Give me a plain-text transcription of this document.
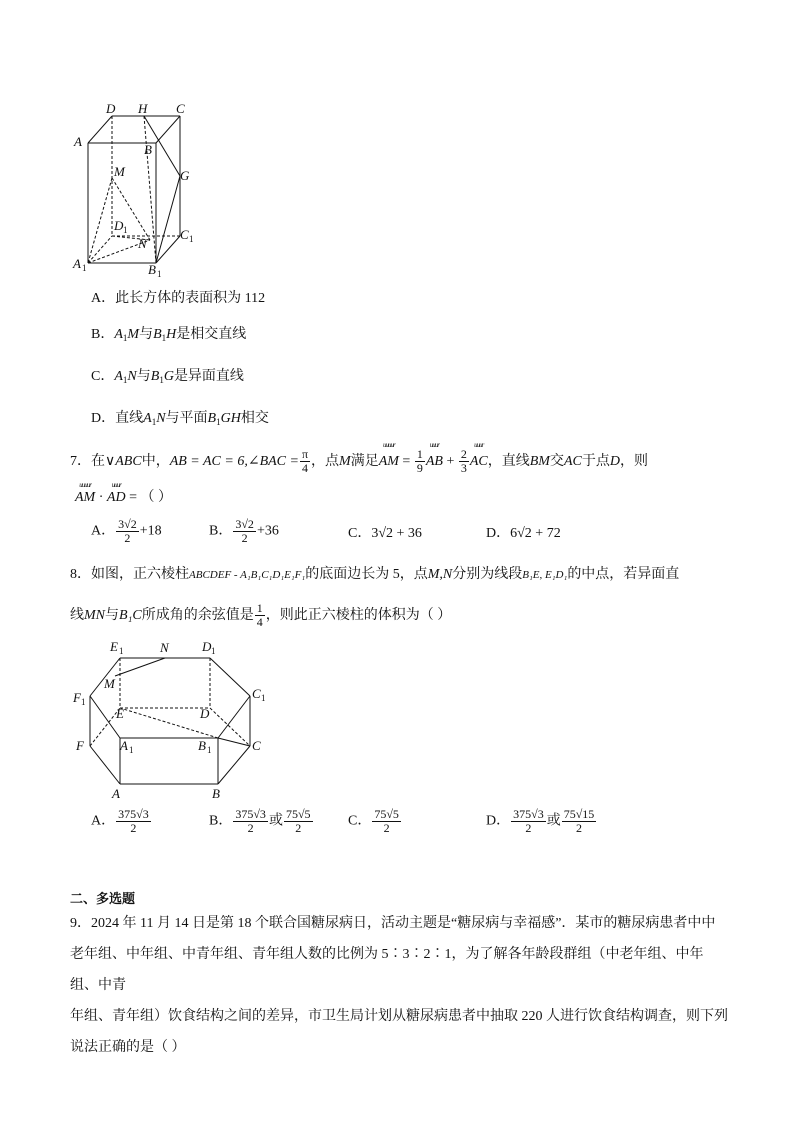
D H C
A
B
M	G
D 1	C 1
N
A 1	B 1
A．此长方体的表面积为 112
B．$A_1M$与$B_1H$是相交直线
C．$A_1N$与$B_1G$是异面直线
D．直线$A_1N$与平面$B_1GH$相交
7．在∨ABC中，AB = AC = 6,∠BAC = $\frac{\pi}{4}$ ，点M满足
uuuur
AM = $\frac{1}{9}$
uuur
AB + $\frac{2}{3}$
uuur
AC，直线BM交AC于点D，则
uuuur
AM ·
uuur
AD = （ ）
A． $\frac{3√2}{2} +18$	B． $\frac{3√2}{2} +36$	C．3√2 + 36	D．6√2 + 72
8．如图，正六棱柱ABCDEF - A₁B₁C₁D₁E₁F₁的底面边长为 5，点M,N分别为线段B₁E, E₁D₁的中点，若异面直
线MN与B₁C所成角的余弦值是 $\frac{1}{4}$ ，则此正六棱柱的体积为（ ）
E 1	N	D 1
M
F 1
C 1
E	D
F	A 1	B 1	C
A	B
A． $\frac{375√3}{2}$	B． $\frac{375√3}{2}$ 或 $\frac{75√5}{2}$	C． $\frac{75√5}{2}$	D． $\frac{375√3}{2}$ 或 $\frac{75√15}{2}$
二、多选题
9．2024 年 11 月 14 日是第 18 个联合国糖尿病日，活动主题是“糖尿病与幸福感”．某市的糖尿病患者中中
老年组、中年组、中青年组、青年组人数的比例为 5∶3∶2∶1，为了解各年龄段群组（中老年组、中年组、中青
年组、青年组）饮食结构之间的差异，市卫生局计划从糖尿病患者中抽取 220 人进行饮食结构调查，则下列
说法正确的是（ ）
